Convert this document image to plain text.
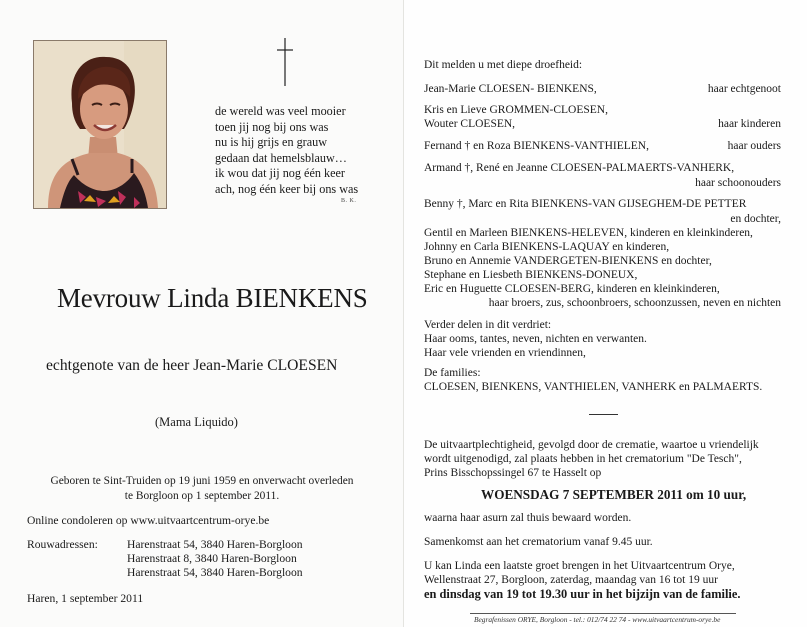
de wereld was veel mooier
toen jij nog bij ons was
nu is hij grijs en grauw
gedaan dat hemelsblauw…
ik wou dat jij nog één keer
ach, nog één keer bij ons was
B. K.
Mevrouw Linda BIENKENS
echtgenote van de heer Jean-Marie CLOESEN
(Mama Liquido)
Geboren te Sint-Truiden op 19 juni 1959 en onverwacht overleden
te Borgloon op 1 september 2011.
Online condoleren op www.uitvaartcentrum-orye.be
Rouwadressen:	Harenstraat 54, 3840 Haren-Borgloon
Harenstraat 8, 3840 Haren-Borgloon
Harenstraat 54, 3840 Haren-Borgloon
Haren, 1 september 2011
Dit melden u met diepe droefheid:
Jean-Marie CLOESEN- BIENKENS,	haar echtgenoot
Kris en Lieve GROMMEN-CLOESEN,
Wouter CLOESEN,	haar kinderen
Fernand † en Roza BIENKENS-VANTHIELEN,	haar ouders
Armand †, René en Jeanne CLOESEN-PALMAERTS-VANHERK,
haar schoonouders
Benny †, Marc en Rita BIENKENS-VAN GIJSEGHEM-DE PETTER
en dochter,
Gentil en Marleen BIENKENS-HELEVEN, kinderen en kleinkinderen,
Johnny en Carla BIENKENS-LAQUAY en kinderen,
Bruno en Annemie VANDERGETEN-BIENKENS en dochter,
Stephane en Liesbeth BIENKENS-DONEUX,
Eric en Huguette CLOESEN-BERG, kinderen en kleinkinderen,
haar broers, zus, schoonbroers, schoonzussen, neven en nichten
Verder delen in dit verdriet:
Haar ooms, tantes, neven, nichten en verwanten.
Haar vele vrienden en vriendinnen,
De families:
CLOESEN, BIENKENS, VANTHIELEN, VANHERK en PALMAERTS.
De uitvaartplechtigheid, gevolgd door de crematie, waartoe u vriendelijk
wordt uitgenodigd, zal plaats hebben in het crematorium "De Tesch",
Prins Bisschopssingel 67 te Hasselt op
WOENSDAG 7 SEPTEMBER 2011 om 10 uur,
waarna haar asurn zal thuis bewaard worden.
Samenkomst aan het crematorium vanaf 9.45 uur.
U kan Linda een laatste groet brengen in het Uitvaartcentrum Orye,
Wellenstraat 27, Borgloon, zaterdag, maandag van 16 tot 19 uur
en dinsdag van 19 tot 19.30 uur in het bijzijn van de familie.
Begrafenissen ORYE, Borgloon - tel.: 012/74 22 74 - www.uitvaartcentrum-orye.be
